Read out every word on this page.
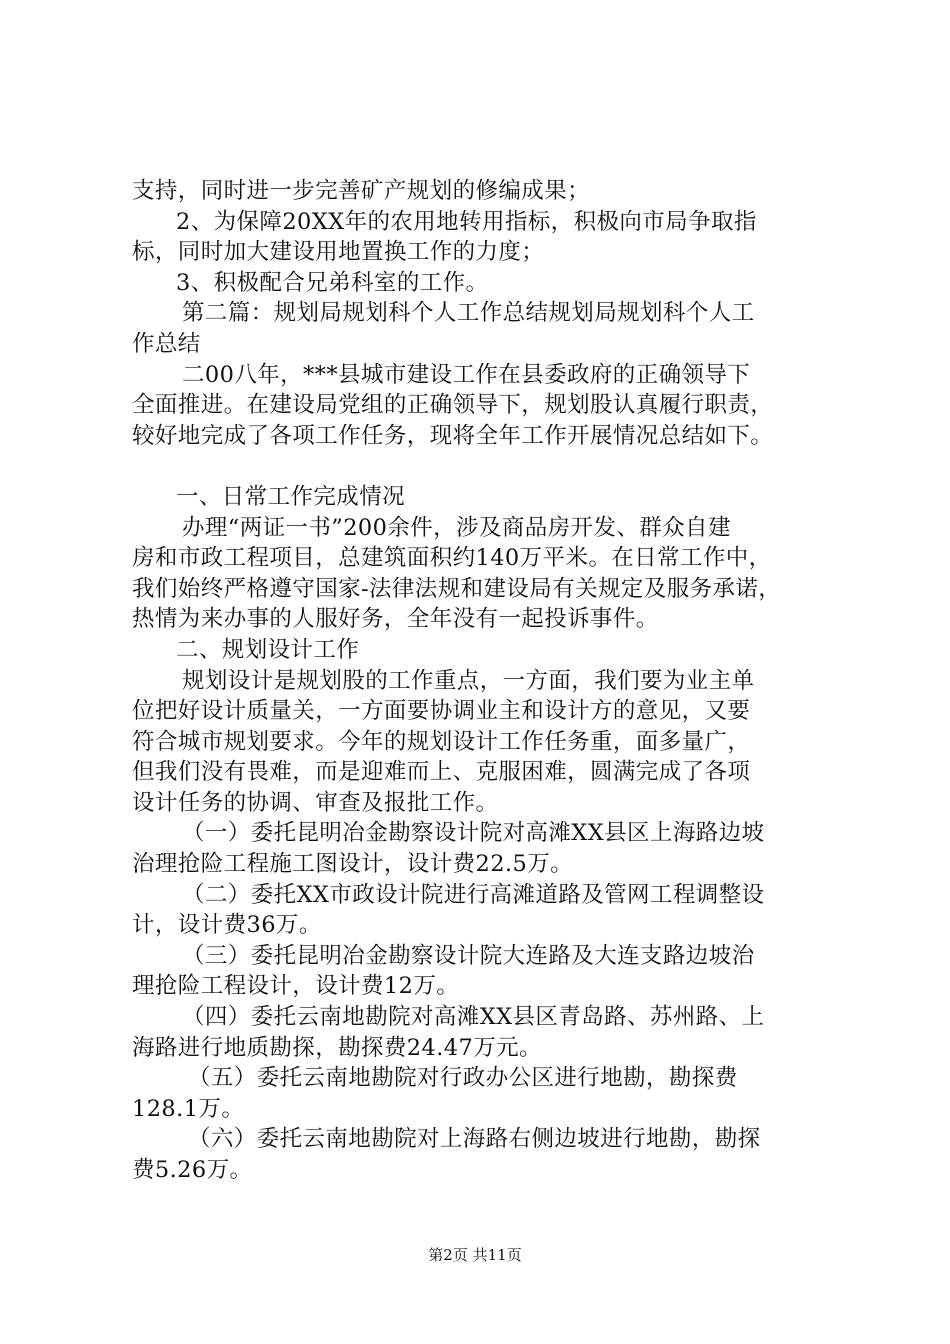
支持，同时进一步完善矿产规划的修编成果；
2、为保障20XX年的农用地转用指标，积极向市局争取指
标，同时加大建设用地置换工作的力度；
3、积极配合兄弟科室的工作。
第二篇：规划局规划科个人工作总结规划局规划科个人工
作总结
二00八年，***县城市建设工作在县委政府的正确领导下
全面推进。在建设局党组的正确领导下，规划股认真履行职责，
较好地完成了各项工作任务，现将全年工作开展情况总结如下。
一、日常工作完成情况
办理“两证一书”200余件，涉及商品房开发、群众自建
房和市政工程项目，总建筑面积约140万平米。在日常工作中，
我们始终严格遵守国家-法律法规和建设局有关规定及服务承诺，
热情为来办事的人服好务，全年没有一起投诉事件。
二、规划设计工作
规划设计是规划股的工作重点，一方面，我们要为业主单
位把好设计质量关，一方面要协调业主和设计方的意见，又要
符合城市规划要求。今年的规划设计工作任务重，面多量广，
但我们没有畏难，而是迎难而上、克服困难，圆满完成了各项
设计任务的协调、审查及报批工作。
（一）委托昆明冶金勘察设计院对高滩XX县区上海路边坡
治理抢险工程施工图设计，设计费22.5万。
（二）委托XX市政设计院进行高滩道路及管网工程调整设
计，设计费36万。
（三）委托昆明冶金勘察设计院大连路及大连支路边坡治
理抢险工程设计，设计费12万。
（四）委托云南地勘院对高滩XX县区青岛路、苏州路、上
海路进行地质勘探，勘探费24.47万元。
（五）委托云南地勘院对行政办公区进行地勘，勘探费
128.1万。
（六）委托云南地勘院对上海路右侧边坡进行地勘，勘探
费5.26万。
第2页 共11页
